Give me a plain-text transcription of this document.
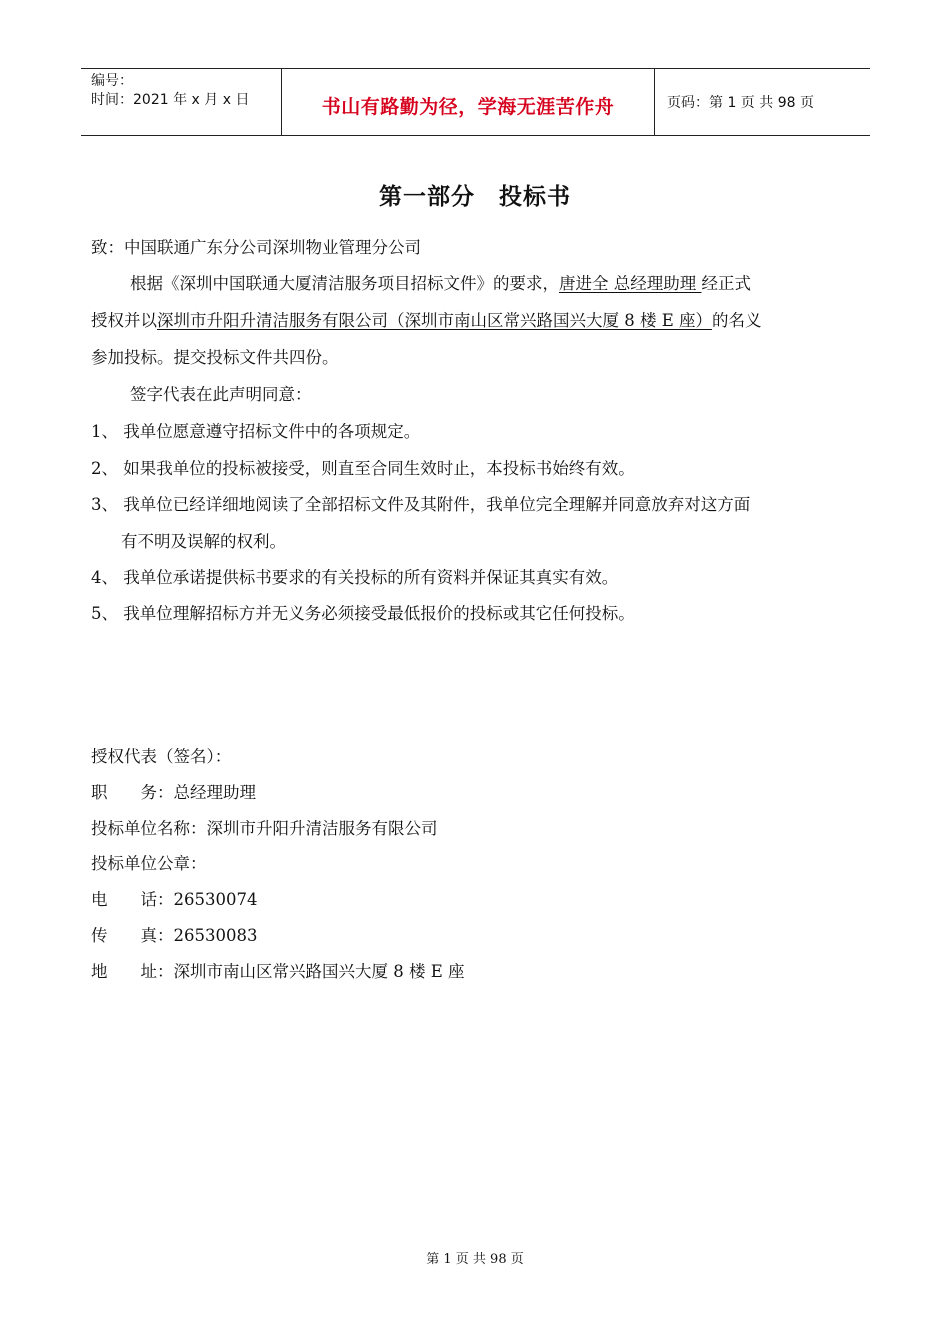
编号：
时间：2021 年 x 月 x 日	书山有路勤为径，学海无涯苦作舟	页码：第 1 页 共 98 页
第一部分　投标书
致：中国联通广东分公司深圳物业管理分公司
根据《深圳中国联通大厦清洁服务项目招标文件》的要求，唐进全 总经理助理 经正式
授权并以深圳市升阳升清洁服务有限公司（深圳市南山区常兴路国兴大厦 8 楼 E 座）的名义
参加投标。提交投标文件共四份。
签字代表在此声明同意：
1、 我单位愿意遵守招标文件中的各项规定。
2、 如果我单位的投标被接受，则直至合同生效时止，本投标书始终有效。
3、 我单位已经详细地阅读了全部招标文件及其附件，我单位完全理解并同意放弃对这方面
有不明及误解的权利。
4、 我单位承诺提供标书要求的有关投标的所有资料并保证其真实有效。
5、 我单位理解招标方并无义务必须接受最低报价的投标或其它任何投标。
授权代表（签名）：
职　　务：总经理助理
投标单位名称：深圳市升阳升清洁服务有限公司
投标单位公章：
电　　话：26530074
传　　真：26530083
地　　址：深圳市南山区常兴路国兴大厦 8 楼 E 座
第 1 页 共 98 页
